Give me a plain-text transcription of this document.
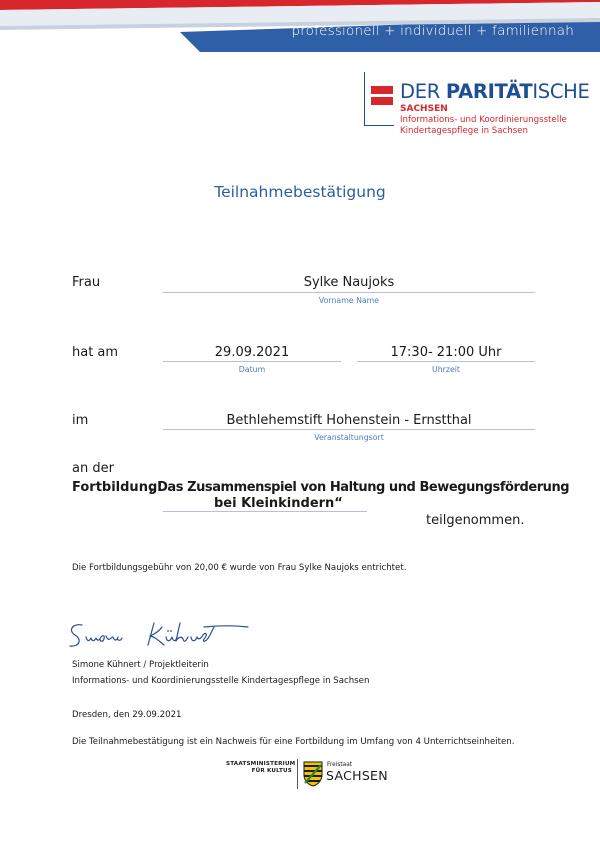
professionell + individuell + familiennah
DER PARITÄTISCHE
SACHSEN
Informations- und Koordinierungsstelle
Kindertagespflege in Sachsen
Teilnahmebestätigung
Frau	Sylke Naujoks
Vorname Name
hat am	29.09.2021
Datum
17:30- 21:00 Uhr
Uhrzeit
im	Bethlehemstift Hohenstein - Ernstthal
Veranstaltungsort
an der
Fortbildung:
„Das Zusammenspiel von Haltung und Bewegungsförderung
bei Kleinkindern“
teilgenommen.
Die Fortbildungsgebühr von 20,00 € wurde von Frau Sylke Naujoks entrichtet.
Simone Kühnert / Projektleiterin
Informations- und Koordinierungsstelle Kindertagespflege in Sachsen
Dresden, den 29.09.2021
Die Teilnahmebestätigung ist ein Nachweis für eine Fortbildung im Umfang von 4 Unterrichtseinheiten.
STAATSMINISTERIUM
FÜR KULTUS
Freistaat
SACHSEN
